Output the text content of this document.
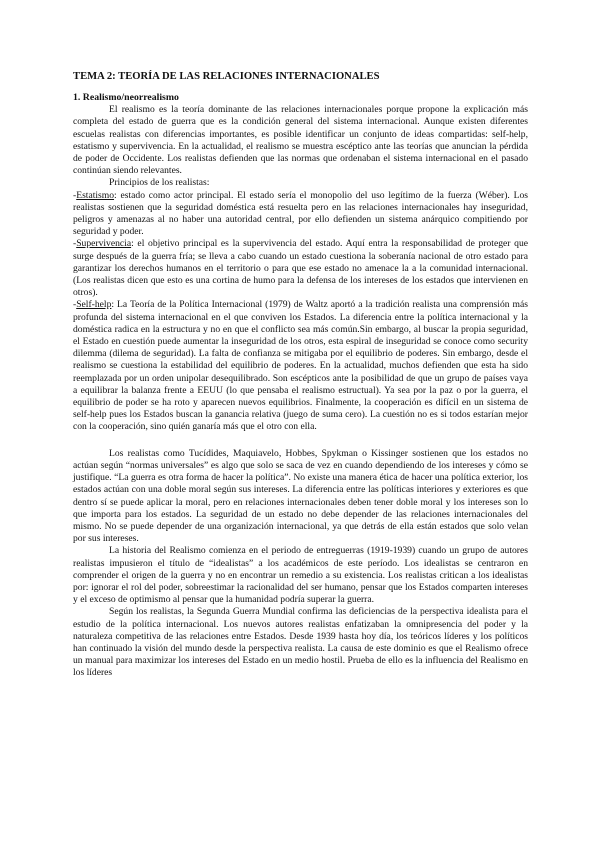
TEMA 2: TEORÍA DE LAS RELACIONES INTERNACIONALES
1. Realismo/neorrealismo

El realismo es la teoría dominante de las relaciones internacionales porque propone la explicación más completa del estado de guerra que es la condición general del sistema internacional. Aunque existen diferentes escuelas realistas con diferencias importantes, es posible identificar un conjunto de ideas compartidas: self-help, estatismo y supervivencia. En la actualidad, el realismo se muestra escéptico ante las teorías que anuncian la pérdida de poder de Occidente. Los realistas defienden que las normas que ordenaban el sistema internacional en el pasado continúan siendo relevantes.

Principios de los realistas:

-Estatismo: estado como actor principal. El estado sería el monopolio del uso legítimo de la fuerza (Wéber). Los realistas sostienen que la seguridad doméstica está resuelta pero en las relaciones internacionales hay inseguridad, peligros y amenazas al no haber una autoridad central, por ello defienden un sistema anárquico compitiendo por seguridad y poder.

-Supervivencia: el objetivo principal es la supervivencia del estado. Aquí entra la responsabilidad de proteger que surge después de la guerra fría; se lleva a cabo cuando un estado cuestiona la soberanía nacional de otro estado para garantizar los derechos humanos en el territorio o para que ese estado no amenace la a la comunidad internacional. (Los realistas dicen que esto es una cortina de humo para la defensa de los intereses de los estados que intervienen en otros).

-Self-help: La Teoría de la Política Internacional (1979) de Waltz aportó a la tradición realista una comprensión más profunda del sistema internacional en el que conviven los Estados. La diferencia entre la política internacional y la doméstica radica en la estructura y no en que el conflicto sea más común.Sin embargo, al buscar la propia seguridad, el Estado en cuestión puede aumentar la inseguridad de los otros, esta espiral de inseguridad se conoce como security dilemma (dilema de seguridad). La falta de confianza se mitigaba por el equilibrio de poderes. Sin embargo, desde el realismo se cuestiona la estabilidad del equilibrio de poderes. En la actualidad, muchos defienden que esta ha sido reemplazada por un orden unipolar desequilibrado. Son escépticos ante la posibilidad de que un grupo de países vaya a equilibrar la balanza frente a EEUU (lo que pensaba el realismo estructual). Ya sea por la paz o por la guerra, el equilibrio de poder se ha roto y aparecen nuevos equilibrios. Finalmente, la cooperación es difícil en un sistema de self-help pues los Estados buscan la ganancia relativa (juego de suma cero). La cuestión no es si todos estarían mejor con la cooperación, sino quién ganaría más que el otro con ella.

Los realistas como Tucídides, Maquiavelo, Hobbes, Spykman o Kissinger sostienen que los estados no actúan según “normas universales” es algo que solo se saca de vez en cuando dependiendo de los intereses y cómo se justifique. “La guerra es otra forma de hacer la política”. No existe una manera ética de hacer una política exterior, los estados actúan con una doble moral según sus intereses. La diferencia entre las políticas interiores y exteriores es que dentro sí se puede aplicar la moral, pero en relaciones internacionales deben tener doble moral y los intereses son lo que importa para los estados. La seguridad de un estado no debe depender de las relaciones internacionales del mismo. No se puede depender de una organización internacional, ya que detrás de ella están estados que solo velan por sus intereses.

La historia del Realismo comienza en el periodo de entreguerras (1919-1939) cuando un grupo de autores realistas impusieron el título de “idealistas” a los académicos de este período. Los idealistas se centraron en comprender el origen de la guerra y no en encontrar un remedio a su existencia. Los realistas critican a los idealistas por: ignorar el rol del poder, sobreestimar la racionalidad del ser humano, pensar que los Estados comparten intereses y el exceso de optimismo al pensar que la humanidad podría superar la guerra.

Según los realistas, la Segunda Guerra Mundial confirma las deficiencias de la perspectiva idealista para el estudio de la política internacional. Los nuevos autores realistas enfatizaban la omnipresencia del poder y la naturaleza competitiva de las relaciones entre Estados. Desde 1939 hasta hoy día, los teóricos líderes y los políticos han continuado la visión del mundo desde la perspectiva realista. La causa de este dominio es que el Realismo ofrece un manual para maximizar los intereses del Estado en un medio hostil. Prueba de ello es la influencia del Realismo en los líderes
